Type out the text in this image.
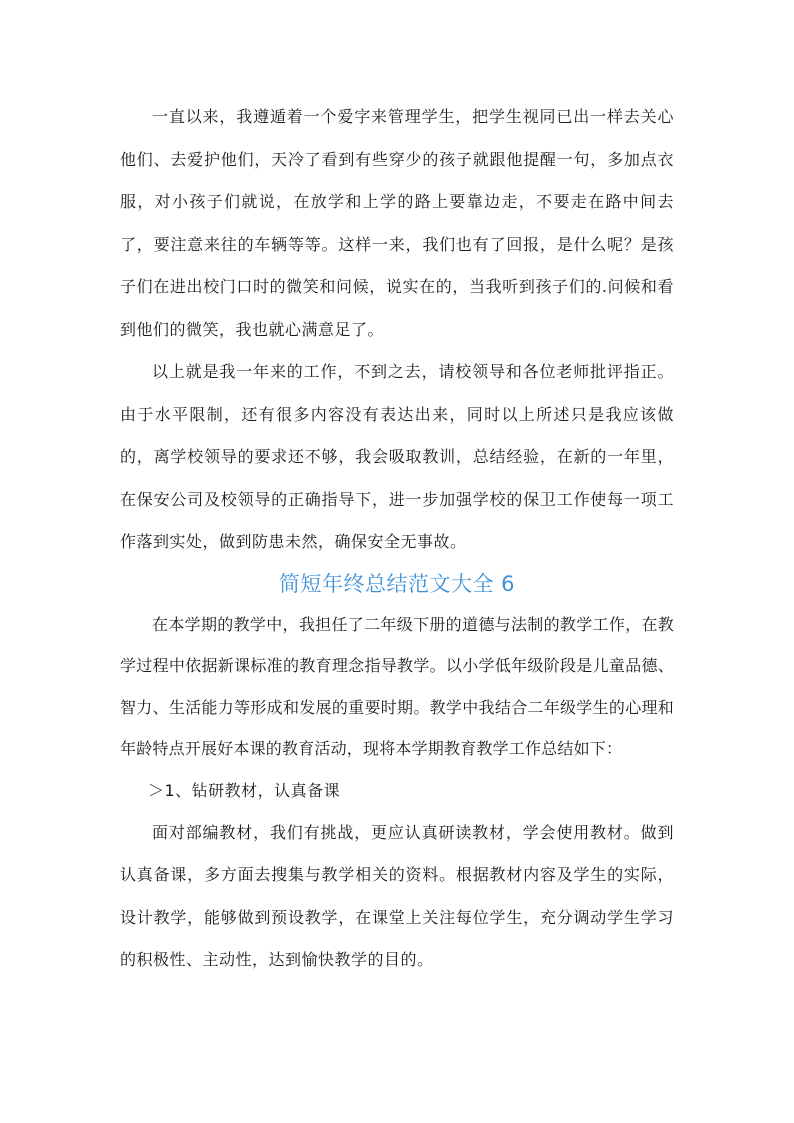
一直以来，我遵遁着一个爱字来管理学生，把学生视同已出一样去关心他们、去爱护他们，天冷了看到有些穿少的孩子就跟他提醒一句，多加点衣服，对小孩子们就说，在放学和上学的路上要靠边走，不要走在路中间去了，要注意来往的车辆等等。这样一来，我们也有了回报，是什么呢？是孩子们在进出校门口时的微笑和问候，说实在的，当我听到孩子们的.问候和看到他们的微笑，我也就心满意足了。

以上就是我一年来的工作，不到之去，请校领导和各位老师批评指正。由于水平限制，还有很多内容没有表达出来，同时以上所述只是我应该做的，离学校领导的要求还不够，我会吸取教训，总结经验，在新的一年里，在保安公司及校领导的正确指导下，进一步加强学校的保卫工作使每一项工作落到实处，做到防患未然，确保安全无事故。

简短年终总结范文大全 6

在本学期的教学中，我担任了二年级下册的道德与法制的教学工作，在教学过程中依据新课标准的教育理念指导教学。以小学低年级阶段是儿童品德、智力、生活能力等形成和发展的重要时期。教学中我结合二年级学生的心理和年龄特点开展好本课的教育活动，现将本学期教育教学工作总结如下：

＞1、钻研教材，认真备课

面对部编教材，我们有挑战，更应认真研读教材，学会使用教材。做到认真备课，多方面去搜集与教学相关的资料。根据教材内容及学生的实际，设计教学，能够做到预设教学，在课堂上关注每位学生，充分调动学生学习的积极性、主动性，达到愉快教学的目的。
